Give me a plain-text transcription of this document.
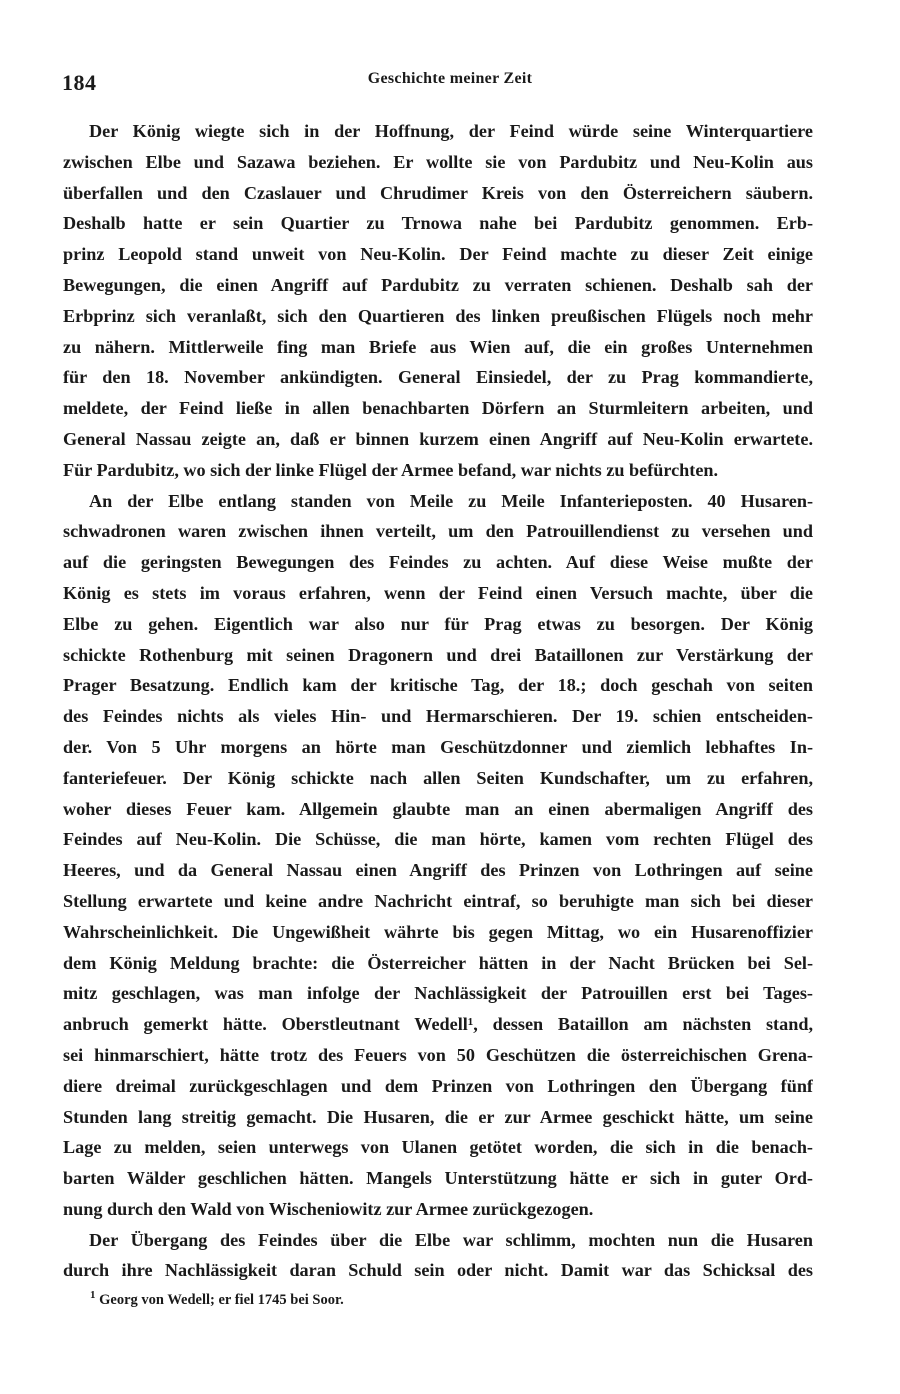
184	Geschichte meiner Zeit
Der König wiegte sich in der Hoffnung, der Feind würde seine Winterquartiere
zwischen Elbe und Sazawa beziehen. Er wollte sie von Pardubitz und Neu-Kolin aus
überfallen und den Czaslauer und Chrudimer Kreis von den Österreichern säubern.
Deshalb hatte er sein Quartier zu Trnowa nahe bei Pardubitz genommen. Erb-
prinz Leopold stand unweit von Neu-Kolin. Der Feind machte zu dieser Zeit einige
Bewegungen, die einen Angriff auf Pardubitz zu verraten schienen. Deshalb sah der
Erbprinz sich veranlaßt, sich den Quartieren des linken preußischen Flügels noch mehr
zu nähern. Mittlerweile fing man Briefe aus Wien auf, die ein großes Unternehmen
für den 18. November ankündigten. General Einsiedel, der zu Prag kommandierte,
meldete, der Feind ließe in allen benachbarten Dörfern an Sturmleitern arbeiten, und
General Nassau zeigte an, daß er binnen kurzem einen Angriff auf Neu-Kolin erwartete.
Für Pardubitz, wo sich der linke Flügel der Armee befand, war nichts zu befürchten.
An der Elbe entlang standen von Meile zu Meile Infanterieposten. 40 Husaren-
schwadronen waren zwischen ihnen verteilt, um den Patrouillendienst zu versehen und
auf die geringsten Bewegungen des Feindes zu achten. Auf diese Weise mußte der
König es stets im voraus erfahren, wenn der Feind einen Versuch machte, über die
Elbe zu gehen. Eigentlich war also nur für Prag etwas zu besorgen. Der König
schickte Rothenburg mit seinen Dragonern und drei Bataillonen zur Verstärkung der
Prager Besatzung. Endlich kam der kritische Tag, der 18.; doch geschah von seiten
des Feindes nichts als vieles Hin- und Hermarschieren. Der 19. schien entscheiden-
der. Von 5 Uhr morgens an hörte man Geschützdonner und ziemlich lebhaftes In-
fanteriefeuer. Der König schickte nach allen Seiten Kundschafter, um zu erfahren,
woher dieses Feuer kam. Allgemein glaubte man an einen abermaligen Angriff des
Feindes auf Neu-Kolin. Die Schüsse, die man hörte, kamen vom rechten Flügel des
Heeres, und da General Nassau einen Angriff des Prinzen von Lothringen auf seine
Stellung erwartete und keine andre Nachricht eintraf, so beruhigte man sich bei dieser
Wahrscheinlichkeit. Die Ungewißheit währte bis gegen Mittag, wo ein Husarenoffizier
dem König Meldung brachte: die Österreicher hätten in der Nacht Brücken bei Sel-
mitz geschlagen, was man infolge der Nachlässigkeit der Patrouillen erst bei Tages-
anbruch gemerkt hätte. Oberstleutnant Wedell¹, dessen Bataillon am nächsten stand,
sei hinmarschiert, hätte trotz des Feuers von 50 Geschützen die österreichischen Grena-
diere dreimal zurückgeschlagen und dem Prinzen von Lothringen den Übergang fünf
Stunden lang streitig gemacht. Die Husaren, die er zur Armee geschickt hätte, um seine
Lage zu melden, seien unterwegs von Ulanen getötet worden, die sich in die benach-
barten Wälder geschlichen hätten. Mangels Unterstützung hätte er sich in guter Ord-
nung durch den Wald von Wischeniowitz zur Armee zurückgezogen.
Der Übergang des Feindes über die Elbe war schlimm, mochten nun die Husaren
durch ihre Nachlässigkeit daran Schuld sein oder nicht. Damit war das Schicksal des
$^1$ Georg von Wedell; er fiel 1745 bei Soor.
